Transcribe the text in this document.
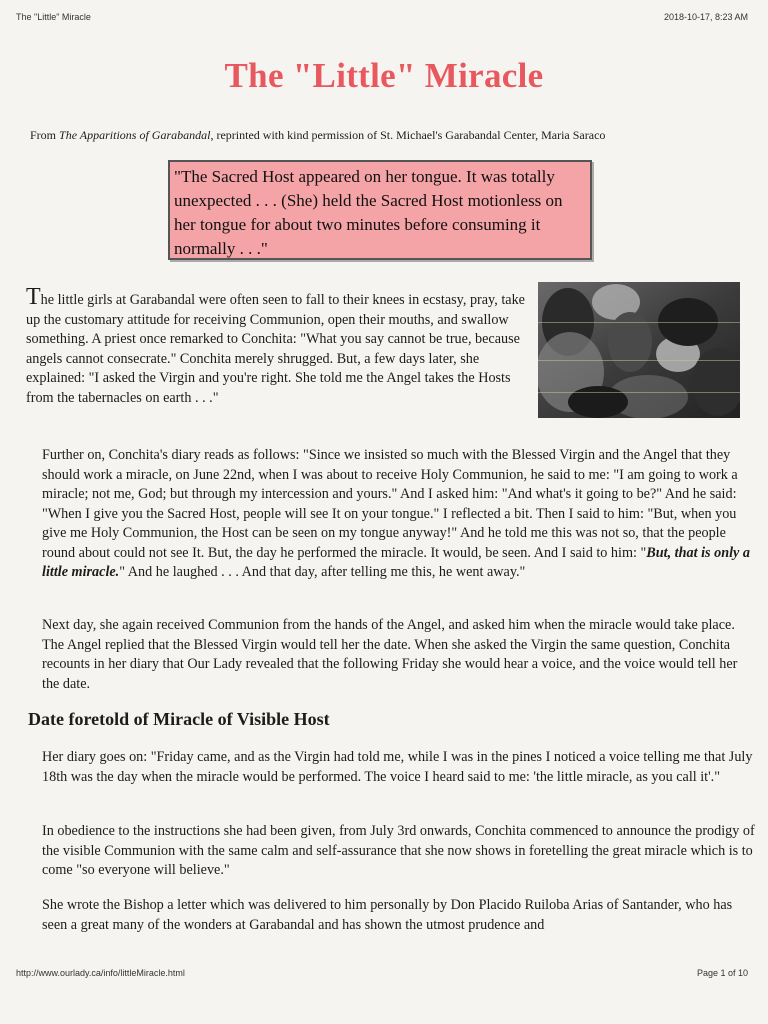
The "Little" Miracle	2018-10-17, 8:23 AM
The "Little" Miracle
From The Apparitions of Garabandal, reprinted with kind permission of St. Michael's Garabandal Center, Maria Saraco
"The Sacred Host appeared on her tongue. It was totally unexpected . . . (She) held the Sacred Host motionless on her tongue for about two minutes before consuming it normally . . ."
The little girls at Garabandal were often seen to fall to their knees in ecstasy, pray, take up the customary attitude for receiving Communion, open their mouths, and swallow something. A priest once remarked to Conchita: "What you say cannot be true, because angels cannot consecrate." Conchita merely shrugged. But, a few days later, she explained: "I asked the Virgin and you're right. She told me the Angel takes the Hosts from the tabernacles on earth . . ."
Further on, Conchita's diary reads as follows: "Since we insisted so much with the Blessed Virgin and the Angel that they should work a miracle, on June 22nd, when I was about to receive Holy Communion, he said to me: "I am going to work a miracle; not me, God; but through my intercession and yours." And I asked him: "And what's it going to be?" And he said: "When I give you the Sacred Host, people will see It on your tongue." I reflected a bit. Then I said to him: "But, when you give me Holy Communion, the Host can be seen on my tongue anyway!" And he told me this was not so, that the people round about could not see It. But, the day he performed the miracle. It would, be seen. And I said to him: "But, that is only a little miracle." And he laughed . . . And that day, after telling me this, he went away."
Next day, she again received Communion from the hands of the Angel, and asked him when the miracle would take place. The Angel replied that the Blessed Virgin would tell her the date. When she asked the Virgin the same question, Conchita recounts in her diary that Our Lady revealed that the following Friday she would hear a voice, and the voice would tell her the date.
Date foretold of Miracle of Visible Host
Her diary goes on: "Friday came, and as the Virgin had told me, while I was in the pines I noticed a voice telling me that July 18th was the day when the miracle would be performed. The voice I heard said to me: 'the little miracle, as you call it'."
In obedience to the instructions she had been given, from July 3rd onwards, Conchita commenced to announce the prodigy of the visible Communion with the same calm and self-assurance that she now shows in foretelling the great miracle which is to come "so everyone will believe."
She wrote the Bishop a letter which was delivered to him personally by Don Placido Ruiloba Arias of Santander, who has seen a great many of the wonders at Garabandal and has shown the utmost prudence and
http://www.ourlady.ca/info/littleMiracle.html	Page 1 of 10
